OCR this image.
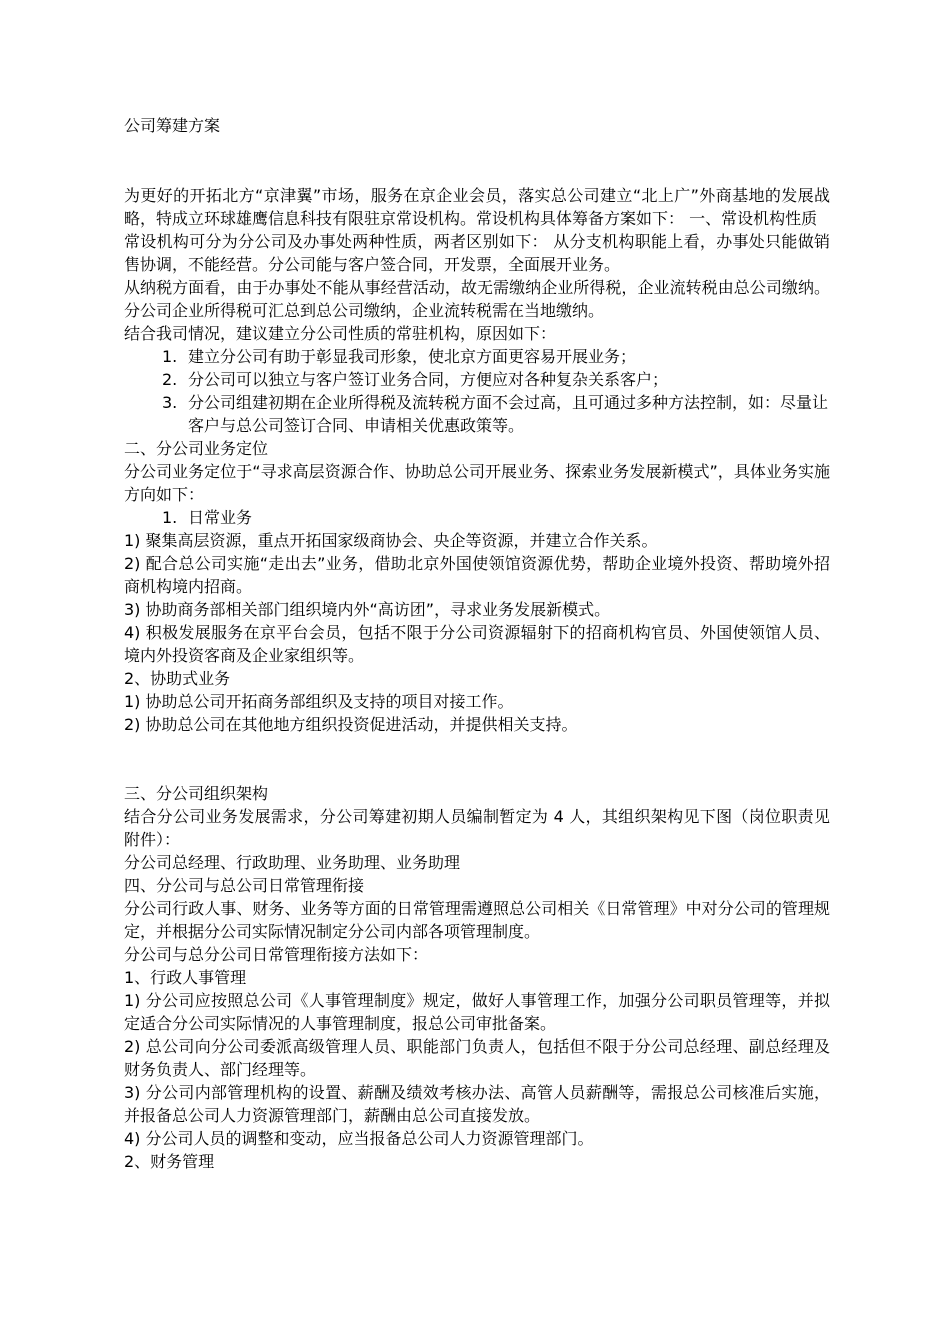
公司筹建方案

为更好的开拓北方“京津翼”市场，服务在京企业会员，落实总公司建立“北上广”外商基地的发展战略，特成立环球雄鹰信息科技有限驻京常设机构。常设机构具体筹备方案如下： 一、常设机构性质

常设机构可分为分公司及办事处两种性质，两者区别如下： 从分支机构职能上看，办事处只能做销售协调，不能经营。分公司能与客户签合同，开发票，全面展开业务。

从纳税方面看，由于办事处不能从事经营活动，故无需缴纳企业所得税，企业流转税由总公司缴纳。分公司企业所得税可汇总到总公司缴纳，企业流转税需在当地缴纳。

结合我司情况，建议建立分公司性质的常驻机构，原因如下：

1. 建立分公司有助于彰显我司形象，使北京方面更容易开展业务；

2. 分公司可以独立与客户签订业务合同，方便应对各种复杂关系客户；

3. 分公司组建初期在企业所得税及流转税方面不会过高，且可通过多种方法控制，如：尽量让客户与总公司签订合同、申请相关优惠政策等。

二、分公司业务定位

分公司业务定位于“寻求高层资源合作、协助总公司开展业务、探索业务发展新模式”，具体业务实施方向如下：

1. 日常业务

1) 聚集高层资源，重点开拓国家级商协会、央企等资源，并建立合作关系。

2) 配合总公司实施“走出去”业务，借助北京外国使领馆资源优势，帮助企业境外投资、帮助境外招商机构境内招商。

3) 协助商务部相关部门组织境内外“高访团”，寻求业务发展新模式。

4) 积极发展服务在京平台会员，包括不限于分公司资源辐射下的招商机构官员、外国使领馆人员、境内外投资客商及企业家组织等。

2、协助式业务

1) 协助总公司开拓商务部组织及支持的项目对接工作。

2) 协助总公司在其他地方组织投资促进活动，并提供相关支持。

三、分公司组织架构

结合分公司业务发展需求，分公司筹建初期人员编制暂定为 4 人，其组织架构见下图（岗位职责见附件）：

分公司总经理、行政助理、业务助理、业务助理

四、分公司与总公司日常管理衔接

分公司行政人事、财务、业务等方面的日常管理需遵照总公司相关《日常管理》中对分公司的管理规定，并根据分公司实际情况制定分公司内部各项管理制度。

分公司与总分公司日常管理衔接方法如下：

1、行政人事管理

1) 分公司应按照总公司《人事管理制度》规定，做好人事管理工作，加强分公司职员管理等，并拟定适合分公司实际情况的人事管理制度，报总公司审批备案。

2) 总公司向分公司委派高级管理人员、职能部门负责人，包括但不限于分公司总经理、副总经理及财务负责人、部门经理等。

3) 分公司内部管理机构的设置、薪酬及绩效考核办法、高管人员薪酬等，需报总公司核准后实施，并报备总公司人力资源管理部门，薪酬由总公司直接发放。

4) 分公司人员的调整和变动，应当报备总公司人力资源管理部门。

2、财务管理
